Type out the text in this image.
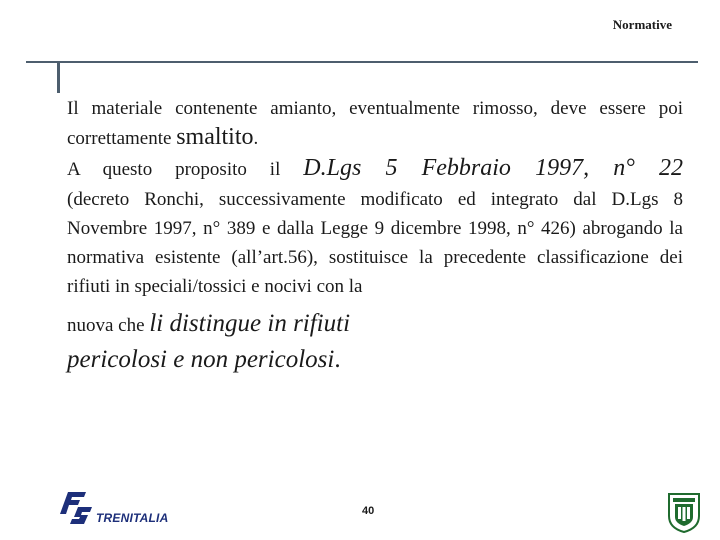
Normative

Il materiale contenente amianto, eventualmente rimosso, deve essere poi correttamente smaltito.

A questo proposito il D.Lgs 5 Febbraio 1997, n° 22

(decreto Ronchi, successivamente modificato ed integrato dal D.Lgs 8 Novembre 1997, n° 389 e dalla Legge 9 dicembre 1998, n° 426) abrogando la normativa esistente (all’art.56), sostituisce la precedente classificazione dei rifiuti in speciali/tossici e nocivi con la

nuova che li distingue in rifiuti
pericolosi e non pericolosi.

TRENITALIA	40
